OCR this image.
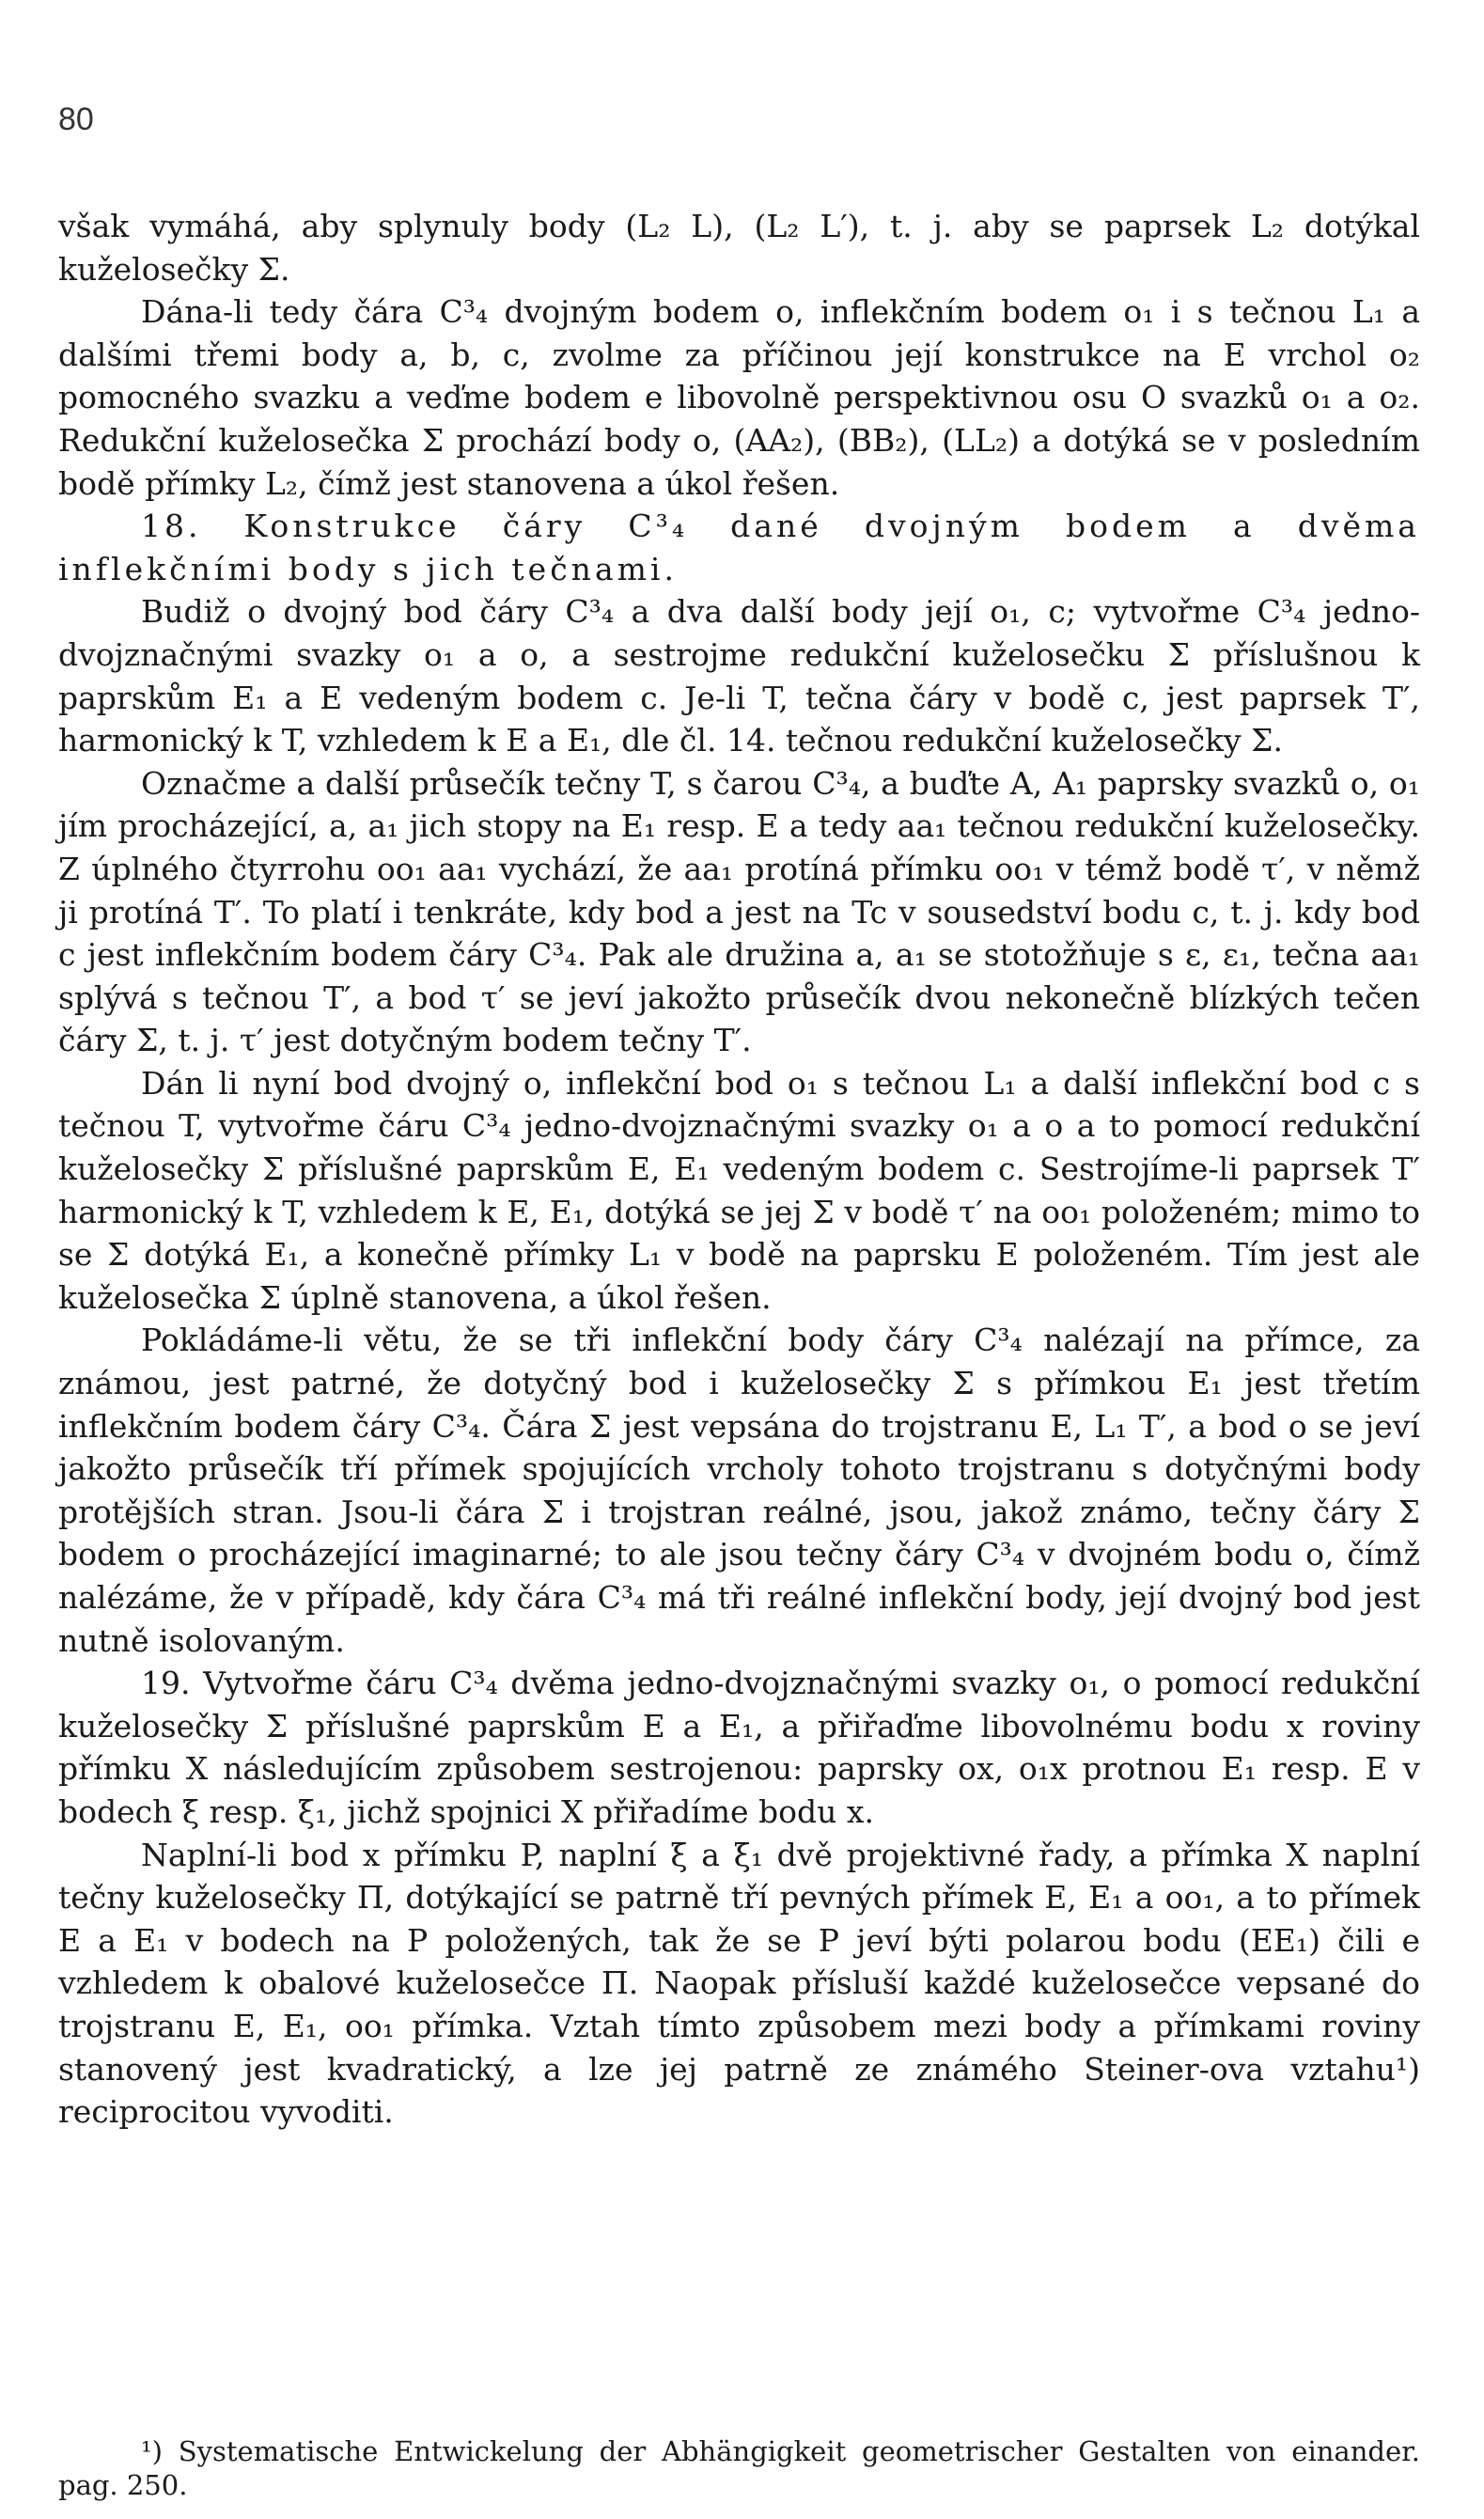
80

však vymáhá, aby splynuly body (L₂ L), (L₂ L′), t. j. aby se paprsek L₂ dotýkal kuželosečky Σ.

Dána-li tedy čára C³₄ dvojným bodem o, inflekčním bodem o₁ i s tečnou L₁ a dalšími třemi body a, b, c, zvolme za příčinou její konstrukce na E vrchol o₂ pomocného svazku a veďme bodem e libovolně perspektivnou osu O svazků o₁ a o₂. Redukční kuželosečka Σ prochází body o, (AA₂), (BB₂), (LL₂) a dotýká se v posledním bodě přímky L₂, čímž jest stanovena a úkol řešen.

18. Konstrukce čáry C³₄ dané dvojným bodem a dvěma inflekčními body s jich tečnami.

Budiž o dvojný bod čáry C³₄ a dva další body její o₁, c; vytvořme C³₄ jedno-dvojznačnými svazky o₁ a o, a sestrojme redukční kuželosečku Σ příslušnou k paprskům E₁ a E vedeným bodem c. Je-li T, tečna čáry v bodě c, jest paprsek T′, harmonický k T, vzhledem k E a E₁, dle čl. 14. tečnou redukční kuželosečky Σ.

Označme a další průsečík tečny T, s čarou C³₄, a buďte A, A₁ paprsky svazků o, o₁ jím procházející, a, a₁ jich stopy na E₁ resp. E a tedy aa₁ tečnou redukční kuželosečky. Z úplného čtyrrohu oo₁ aa₁ vychází, že aa₁ protíná přímku oo₁ v témž bodě τ′, v němž ji protíná T′. To platí i tenkráte, kdy bod a jest na Tc v sousedství bodu c, t. j. kdy bod c jest inflekčním bodem čáry C³₄. Pak ale družina a, a₁ se stotožňuje s ε, ε₁, tečna aa₁ splývá s tečnou T′, a bod τ′ se jeví jakožto průsečík dvou nekonečně blízkých tečen čáry Σ, t. j. τ′ jest dotyčným bodem tečny T′.

Dán li nyní bod dvojný o, inflekční bod o₁ s tečnou L₁ a další inflekční bod c s tečnou T, vytvořme čáru C³₄ jedno-dvojznačnými svazky o₁ a o a to pomocí redukční kuželosečky Σ příslušné paprskům E, E₁ vedeným bodem c. Sestrojíme-li paprsek T′ harmonický k T, vzhledem k E, E₁, dotýká se jej Σ v bodě τ′ na oo₁ položeném; mimo to se Σ dotýká E₁, a konečně přímky L₁ v bodě na paprsku E položeném. Tím jest ale kuželosečka Σ úplně stanovena, a úkol řešen.

Pokládáme-li větu, že se tři inflekční body čáry C³₄ nalézají na přímce, za známou, jest patrné, že dotyčný bod i kuželosečky Σ s přímkou E₁ jest třetím inflekčním bodem čáry C³₄. Čára Σ jest vepsána do trojstranu E, L₁ T′, a bod o se jeví jakožto průsečík tří přímek spojujících vrcholy tohoto trojstranu s dotyčnými body protějších stran. Jsou-li čára Σ i trojstran reálné, jsou, jakož známo, tečny čáry Σ bodem o procházející imaginarné; to ale jsou tečny čáry C³₄ v dvojném bodu o, čímž nalézáme, že v případě, kdy čára C³₄ má tři reálné inflekční body, její dvojný bod jest nutně isolovaným.

19. Vytvořme čáru C³₄ dvěma jedno-dvojznačnými svazky o₁, o pomocí redukční kuželosečky Σ příslušné paprskům E a E₁, a přiřaďme libovolnému bodu x roviny přímku X následujícím způsobem sestrojenou: paprsky ox, o₁x protnou E₁ resp. E v bodech ξ resp. ξ₁, jichž spojnici X přiřadíme bodu x.

Naplní-li bod x přímku P, naplní ξ a ξ₁ dvě projektivné řady, a přímka X naplní tečny kuželosečky Π, dotýkající se patrně tří pevných přímek E, E₁ a oo₁, a to přímek E a E₁ v bodech na P položených, tak že se P jeví býti polarou bodu (EE₁) čili e vzhledem k obalové kuželosečce Π. Naopak přísluší každé kuželosečce vepsané do trojstranu E, E₁, oo₁ přímka. Vztah tímto způsobem mezi body a přímkami roviny stanovený jest kvadratický, a lze jej patrně ze známého Steiner-ova vztahu¹) reciprocitou vyvoditi.

¹) Systematische Entwickelung der Abhängigkeit geometrischer Gestalten von einander. pag. 250.
